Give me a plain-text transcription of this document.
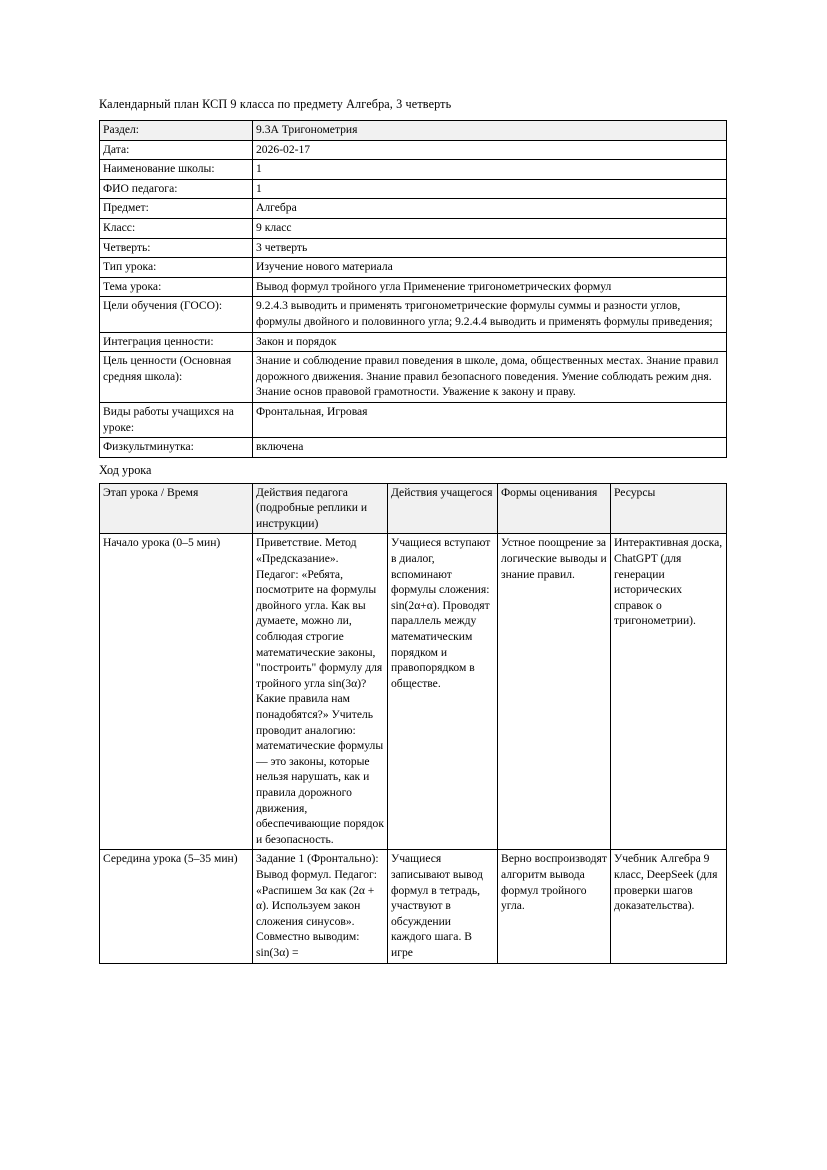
Календарный план КСП 9 класса по предмету Алгебра, 3 четверть
Раздел:	9.3А Тригонометрия
Дата:	2026-02-17
Наименование школы:	1
ФИО педагога:	1
Предмет:	Алгебра
Класс:	9 класс
Четверть:	3 четверть
Тип урока:	Изучение нового материала
Тема урока:	Вывод формул тройного угла Применение тригонометрических формул
Цели обучения (ГОСО):	9.2.4.3 выводить и применять тригонометрические формулы суммы и разности углов, формулы двойного и половинного угла; 9.2.4.4 выводить и применять формулы приведения;
Интеграция ценности:	Закон и порядок
Цель ценности (Основная средняя школа):	Знание и соблюдение правил поведения в школе, дома, общественных местах. Знание правил дорожного движения. Знание правил безопасного поведения. Умение соблюдать режим дня. Знание основ правовой грамотности. Уважение к закону и праву.
Виды работы учащихся на уроке:	Фронтальная, Игровая
Физкультминутка:	включена
Ход урока
Этап урока / Время	Действия педагога (подробные реплики и инструкции)	Действия учащегося	Формы оценивания	Ресурсы
Начало урока (0–5 мин)	Приветствие. Метод «Предсказание». Педагог: «Ребята, посмотрите на формулы двойного угла. Как вы думаете, можно ли, соблюдая строгие математические законы, "построить" формулу для тройного угла sin(3α)? Какие правила нам понадобятся?» Учитель проводит аналогию: математические формулы — это законы, которые нельзя нарушать, как и правила дорожного движения, обеспечивающие порядок и безопасность.	Учащиеся вступают в диалог, вспоминают формулы сложения: sin(2α+α). Проводят параллель между математическим порядком и правопорядком в обществе.	Устное поощрение за логические выводы и знание правил.	Интерактивная доска, ChatGPT (для генерации исторических справок о тригонометрии).
Середина урока (5–35 мин)	Задание 1 (Фронтально): Вывод формул. Педагог: «Распишем 3α как (2α + α). Используем закон сложения синусов». Совместно выводим: sin(3α) =	Учащиеся записывают вывод формул в тетрадь, участвуют в обсуждении каждого шага. В игре	Верно воспроизводят алгоритм вывода формул тройного угла.	Учебник Алгебра 9 класс, DeepSeek (для проверки шагов доказательства).
